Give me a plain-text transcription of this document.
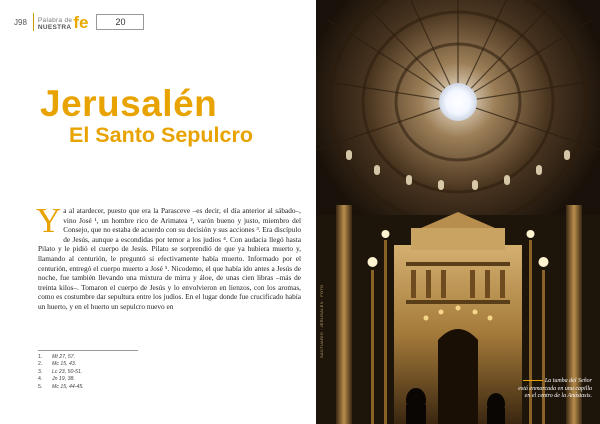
J98 Palabra de
NUESTRA fe	20
Jerusalén
El Santo Sepulcro
Y a al atardecer, puesto que era la Parasceve –es decir, el día anterior al sábado–, vino José ¹, un hombre rico de Arimatea ², varón bueno y justo, miembro del Consejo, que no estaba de acuerdo con su decisión y sus acciones ³. Era discípulo de Jesús, aunque a escondidas por temor a los judíos ⁴. Con audacia llegó hasta Pilato y le pidió el cuerpo de Jesús. Pilato se sorprendió de que ya hubiera muerto y, llamando al centurión, le preguntó si efectivamente había muerto. Informado por el centurión, entregó el cuerpo muerto a José ⁵. Nicodemo, el que había ido antes a Jesús de noche, fue también llevando una mixtura de mirra y áloe, de unas cien libras –más de treinta kilos–. Tomaron el cuerpo de Jesús y lo envolvieron en lienzos, con los aromas, como es costumbre dar sepultura entre los judíos. En el lugar donde fue crucificado había un huerto, y en el huerto un sepulcro nuevo en
1.	Mt 27, 57.
2.	Mc 15, 43.
3.	Lc 23, 50-51.
4.	Jn 19, 38.
5.	Mc 15, 44-45.
SANTUARIO · JERUSALÉN · FOTO

La tumba del Señor está enmarcada en una capilla en el centro de la Anástasis.
